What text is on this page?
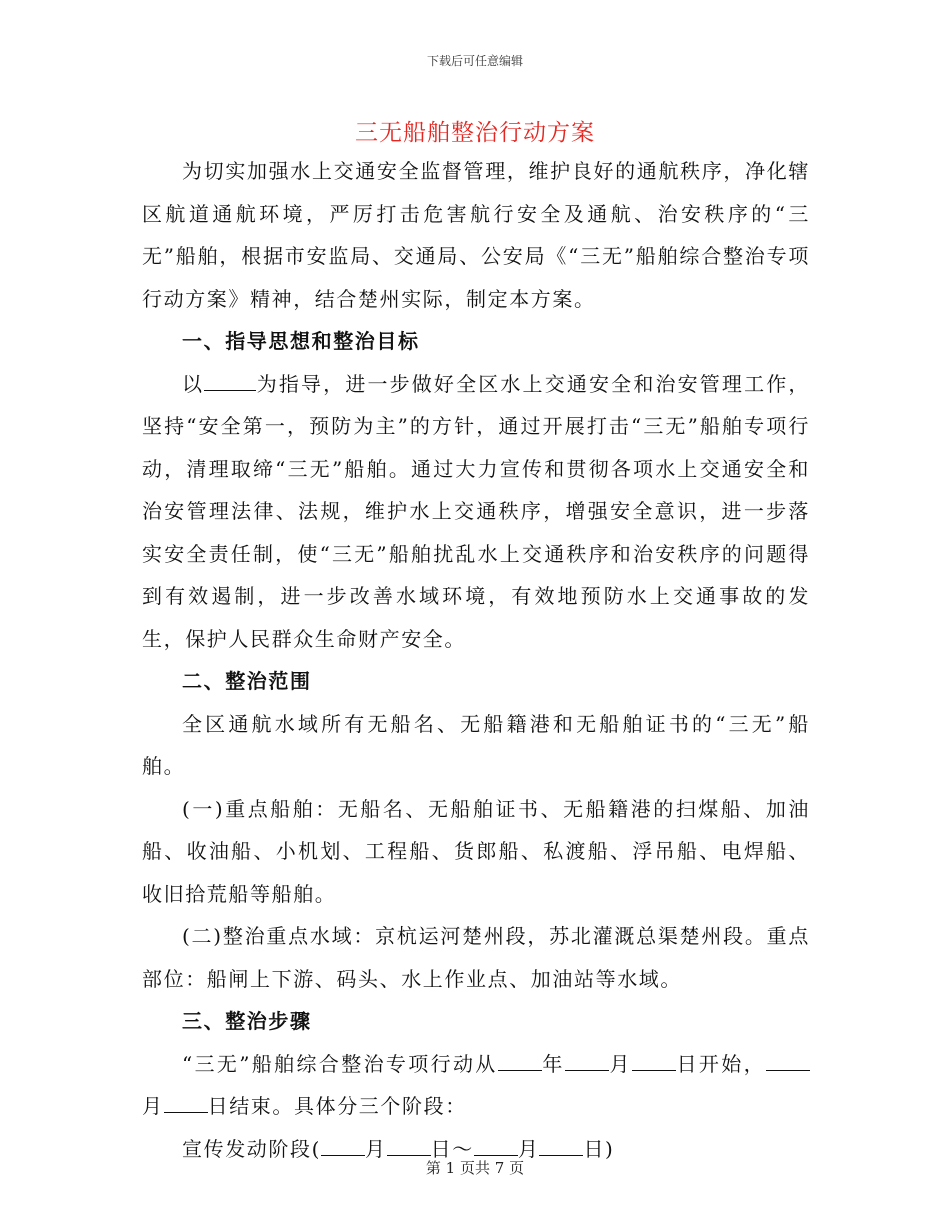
下载后可任意编辑
三无船舶整治行动方案

为切实加强水上交通安全监督管理，维护良好的通航秩序，净化辖区航道通航环境，严厉打击危害航行安全及通航、治安秩序的“三无”船舶，根据市安监局、交通局、公安局《“三无”船舶综合整治专项行动方案》精神，结合楚州实际，制定本方案。

一、指导思想和整治目标

以	为指导，进一步做好全区水上交通安全和治安管理工作，坚持“安全第一，预防为主”的方针，通过开展打击“三无”船舶专项行动，清理取缔“三无”船舶。通过大力宣传和贯彻各项水上交通安全和治安管理法律、法规，维护水上交通秩序，增强安全意识，进一步落实安全责任制，使“三无”船舶扰乱水上交通秩序和治安秩序的问题得到有效遏制，进一步改善水域环境，有效地预防水上交通事故的发生，保护人民群众生命财产安全。

二、整治范围

全区通航水域所有无船名、无船籍港和无船舶证书的“三无”船舶。

(一)重点船舶：无船名、无船舶证书、无船籍港的扫煤船、加油船、收油船、小机划、工程船、货郎船、私渡船、浮吊船、电焊船、收旧拾荒船等船舶。

(二)整治重点水域：京杭运河楚州段，苏北灌溉总渠楚州段。重点部位：船闸上下游、码头、水上作业点、加油站等水域。

三、整治步骤

“三无”船舶综合整治专项行动从 年 月 日开始，月 日结束。具体分三个阶段：

宣传发动阶段( 月 日～ 月 日)

第 1 页共 7 页
